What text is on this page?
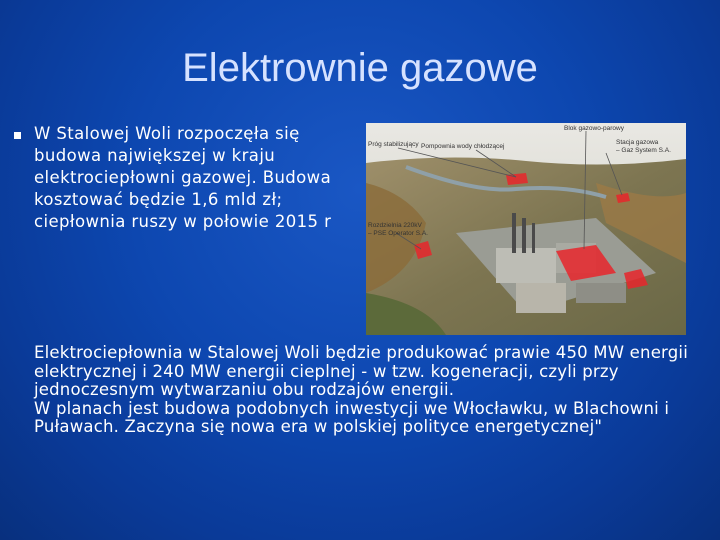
Elektrownie gazowe
W Stalowej Woli rozpoczęła się budowa największej w kraju elektrociepłowni gazowej. Budowa kosztować będzie 1,6 mld zł; ciepłownia ruszy w połowie 2015 r
Próg stabilizujący Pompownia wody chłodzącej
Blok gazowo-parowy
Stacja gazowa
– Gaz System S.A.
Rozdzielnia 220kV
– PSE Operator S.A.

Elektrociepłownia w Stalowej Woli będzie produkować prawie 450 MW energii elektrycznej i 240 MW energii cieplnej - w tzw. kogeneracji, czyli przy jednoczesnym wytwarzaniu obu rodzajów energii.

W planach jest budowa podobnych inwestycji we Włocławku, w Blachowni i Puławach. Zaczyna się nowa era w polskiej polityce energetycznej"
